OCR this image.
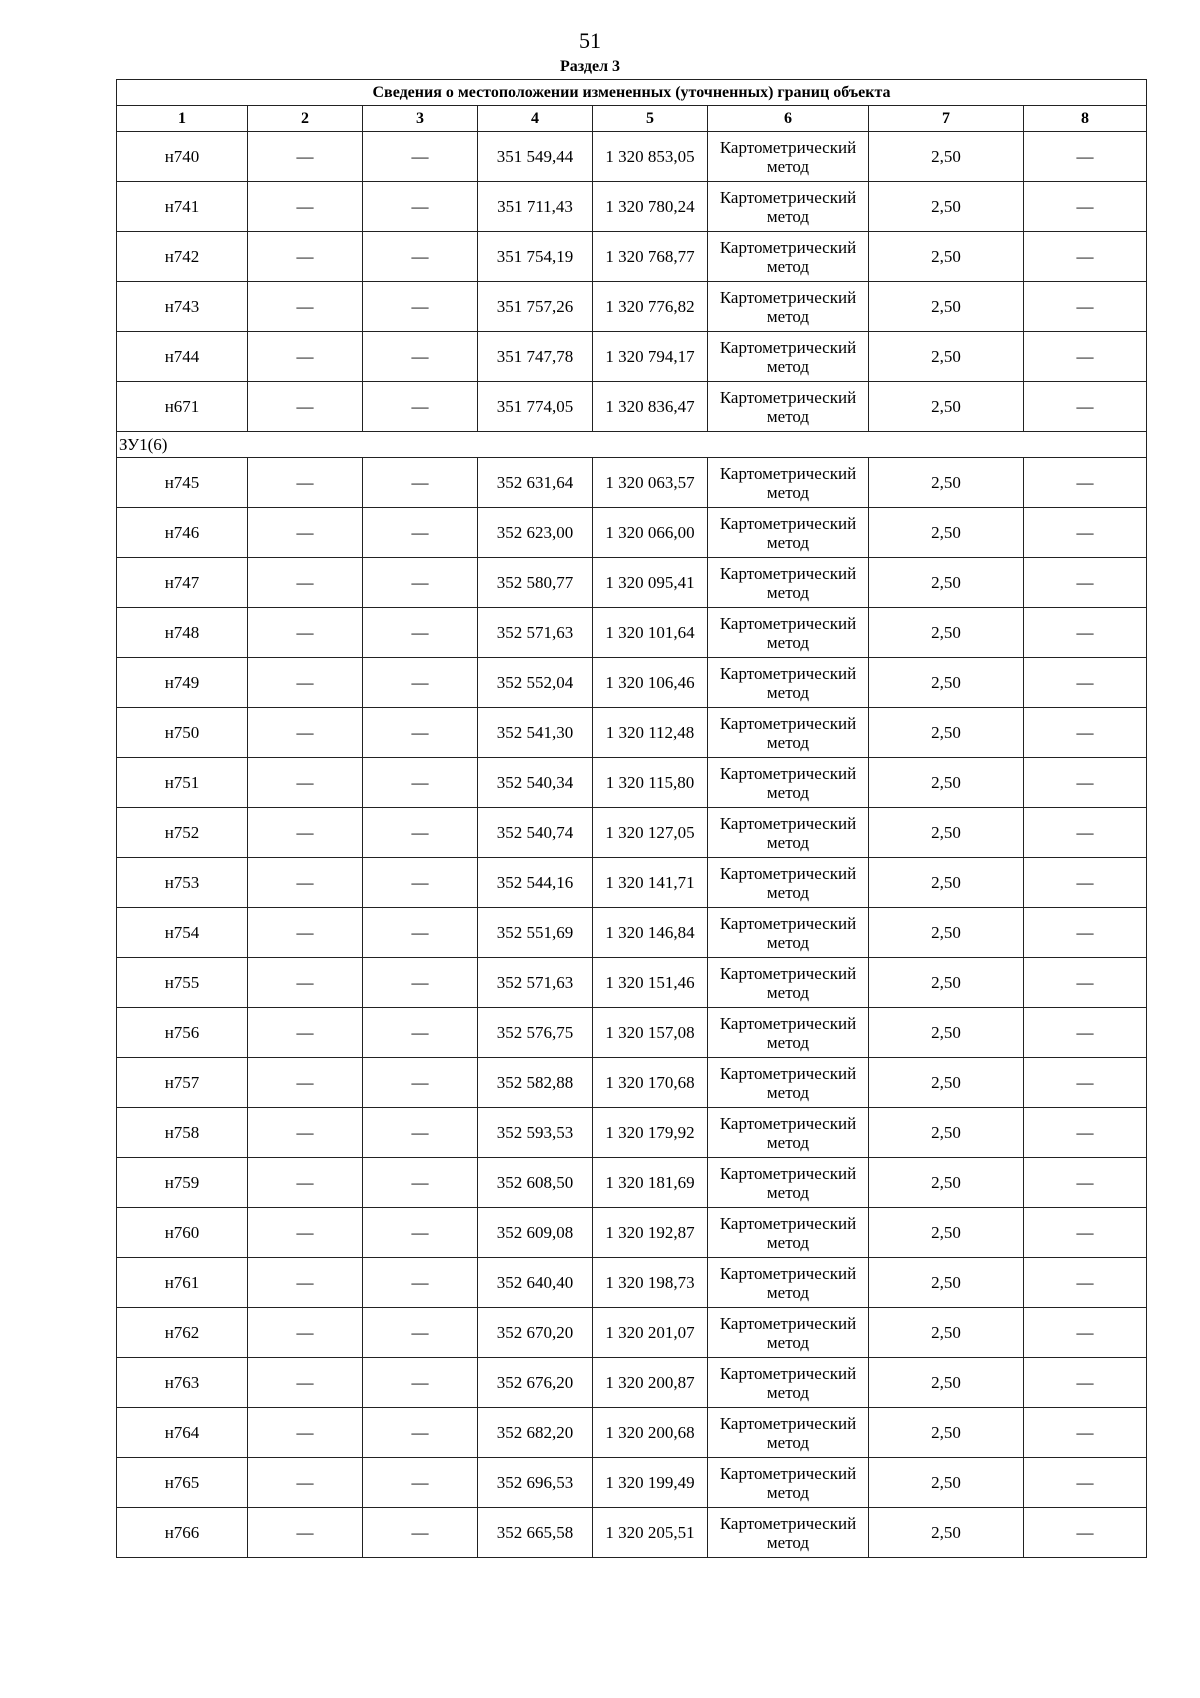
51
Раздел 3
Сведения о местоположении измененных (уточненных) границ объекта							
1	2	3	4	5	6	7	8
н740	—	—	351 549,44	1 320 853,05	Картометрический метод	2,50	—
н741	—	—	351 711,43	1 320 780,24	Картометрический метод	2,50	—
н742	—	—	351 754,19	1 320 768,77	Картометрический метод	2,50	—
н743	—	—	351 757,26	1 320 776,82	Картометрический метод	2,50	—
н744	—	—	351 747,78	1 320 794,17	Картометрический метод	2,50	—
н671	—	—	351 774,05	1 320 836,47	Картометрический метод	2,50	—
ЗУ1(6)							
н745	—	—	352 631,64	1 320 063,57	Картометрический метод	2,50	—
н746	—	—	352 623,00	1 320 066,00	Картометрический метод	2,50	—
н747	—	—	352 580,77	1 320 095,41	Картометрический метод	2,50	—
н748	—	—	352 571,63	1 320 101,64	Картометрический метод	2,50	—
н749	—	—	352 552,04	1 320 106,46	Картометрический метод	2,50	—
н750	—	—	352 541,30	1 320 112,48	Картометрический метод	2,50	—
н751	—	—	352 540,34	1 320 115,80	Картометрический метод	2,50	—
н752	—	—	352 540,74	1 320 127,05	Картометрический метод	2,50	—
н753	—	—	352 544,16	1 320 141,71	Картометрический метод	2,50	—
н754	—	—	352 551,69	1 320 146,84	Картометрический метод	2,50	—
н755	—	—	352 571,63	1 320 151,46	Картометрический метод	2,50	—
н756	—	—	352 576,75	1 320 157,08	Картометрический метод	2,50	—
н757	—	—	352 582,88	1 320 170,68	Картометрический метод	2,50	—
н758	—	—	352 593,53	1 320 179,92	Картометрический метод	2,50	—
н759	—	—	352 608,50	1 320 181,69	Картометрический метод	2,50	—
н760	—	—	352 609,08	1 320 192,87	Картометрический метод	2,50	—
н761	—	—	352 640,40	1 320 198,73	Картометрический метод	2,50	—
н762	—	—	352 670,20	1 320 201,07	Картометрический метод	2,50	—
н763	—	—	352 676,20	1 320 200,87	Картометрический метод	2,50	—
н764	—	—	352 682,20	1 320 200,68	Картометрический метод	2,50	—
н765	—	—	352 696,53	1 320 199,49	Картометрический метод	2,50	—
н766	—	—	352 665,58	1 320 205,51	Картометрический метод	2,50	—
